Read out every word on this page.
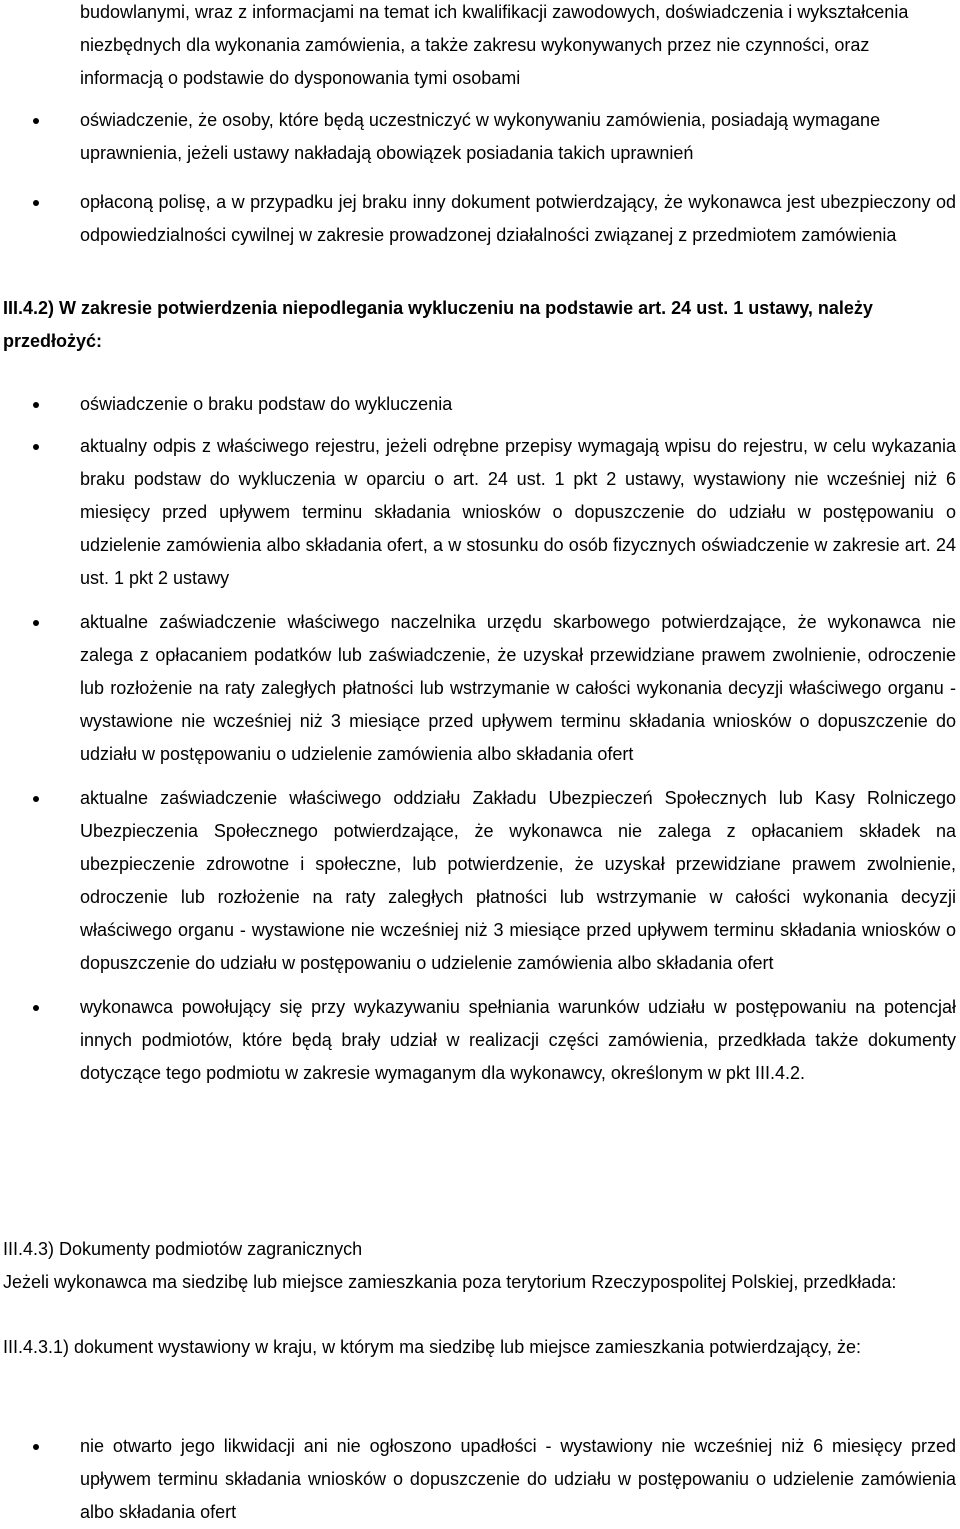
budowlanymi, wraz z informacjami na temat ich kwalifikacji zawodowych, doświadczenia i wykształcenia niezbędnych dla wykonania zamówienia, a także zakresu wykonywanych przez nie czynności, oraz informacją o podstawie do dysponowania tymi osobami
oświadczenie, że osoby, które będą uczestniczyć w wykonywaniu zamówienia, posiadają wymagane uprawnienia, jeżeli ustawy nakładają obowiązek posiadania takich uprawnień
opłaconą polisę, a w przypadku jej braku inny dokument potwierdzający, że wykonawca jest ubezpieczony od odpowiedzialności cywilnej w zakresie prowadzonej działalności związanej z przedmiotem zamówienia
III.4.2) W zakresie potwierdzenia niepodlegania wykluczeniu na podstawie art. 24 ust. 1 ustawy, należy przedłożyć:
oświadczenie o braku podstaw do wykluczenia
aktualny odpis z właściwego rejestru, jeżeli odrębne przepisy wymagają wpisu do rejestru, w celu wykazania braku podstaw do wykluczenia w oparciu o art. 24 ust. 1 pkt 2 ustawy, wystawiony nie wcześniej niż 6 miesięcy przed upływem terminu składania wniosków o dopuszczenie do udziału w postępowaniu o udzielenie zamówienia albo składania ofert, a w stosunku do osób fizycznych oświadczenie w zakresie art. 24 ust. 1 pkt 2 ustawy
aktualne zaświadczenie właściwego naczelnika urzędu skarbowego potwierdzające, że wykonawca nie zalega z opłacaniem podatków lub zaświadczenie, że uzyskał przewidziane prawem zwolnienie, odroczenie lub rozłożenie na raty zaległych płatności lub wstrzymanie w całości wykonania decyzji właściwego organu - wystawione nie wcześniej niż 3 miesiące przed upływem terminu składania wniosków o dopuszczenie do udziału w postępowaniu o udzielenie zamówienia albo składania ofert
aktualne zaświadczenie właściwego oddziału Zakładu Ubezpieczeń Społecznych lub Kasy Rolniczego Ubezpieczenia Społecznego potwierdzające, że wykonawca nie zalega z opłacaniem składek na ubezpieczenie zdrowotne i społeczne, lub potwierdzenie, że uzyskał przewidziane prawem zwolnienie, odroczenie lub rozłożenie na raty zaległych płatności lub wstrzymanie w całości wykonania decyzji właściwego organu - wystawione nie wcześniej niż 3 miesiące przed upływem terminu składania wniosków o dopuszczenie do udziału w postępowaniu o udzielenie zamówienia albo składania ofert
wykonawca powołujący się przy wykazywaniu spełniania warunków udziału w postępowaniu na potencjał innych podmiotów, które będą brały udział w realizacji części zamówienia, przedkłada także dokumenty dotyczące tego podmiotu w zakresie wymaganym dla wykonawcy, określonym w pkt III.4.2.
III.4.3) Dokumenty podmiotów zagranicznych
Jeżeli wykonawca ma siedzibę lub miejsce zamieszkania poza terytorium Rzeczypospolitej Polskiej, przedkłada:
III.4.3.1) dokument wystawiony w kraju, w którym ma siedzibę lub miejsce zamieszkania potwierdzający, że:
nie otwarto jego likwidacji ani nie ogłoszono upadłości - wystawiony nie wcześniej niż 6 miesięcy przed upływem terminu składania wniosków o dopuszczenie do udziału w postępowaniu o udzielenie zamówienia albo składania ofert
